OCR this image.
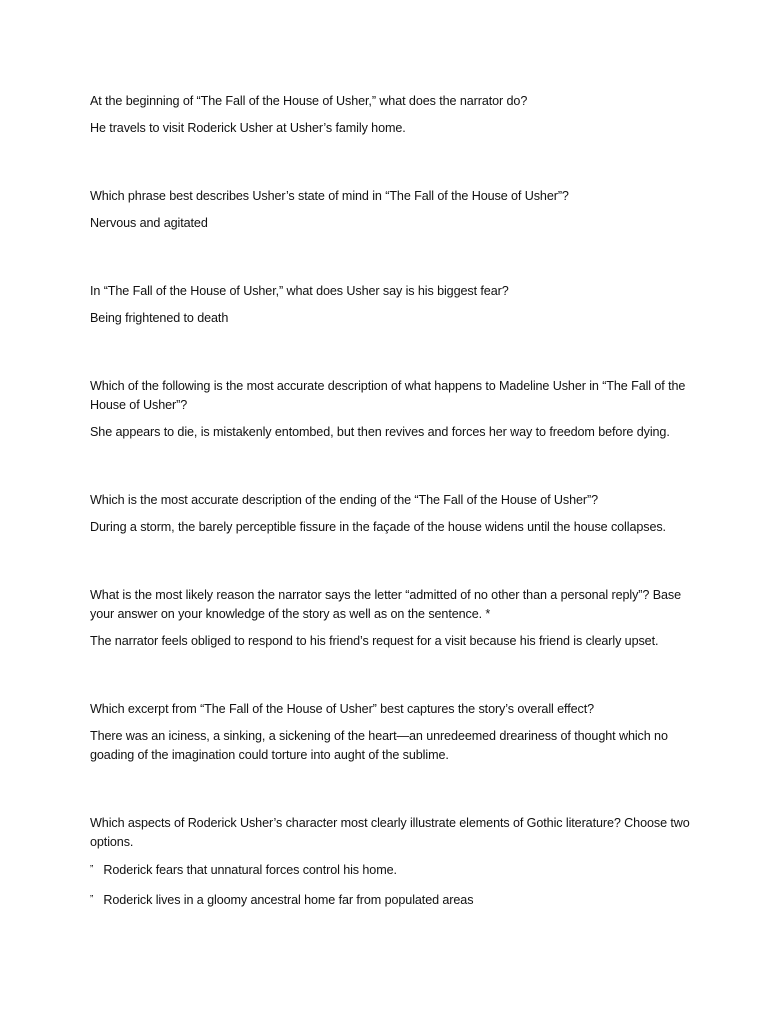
At the beginning of “The Fall of the House of Usher,” what does the narrator do?

He travels to visit Roderick Usher at Usher’s family home.

Which phrase best describes Usher’s state of mind in “The Fall of the House of Usher”?

Nervous and agitated

In “The Fall of the House of Usher,” what does Usher say is his biggest fear?

Being frightened to death

Which of the following is the most accurate description of what happens to Madeline Usher in “The Fall of the House of Usher”?

She appears to die, is mistakenly entombed, but then revives and forces her way to freedom before dying.

Which is the most accurate description of the ending of the “The Fall of the House of Usher”?

During a storm, the barely perceptible fissure in the façade of the house widens until the house collapses.

What is the most likely reason the narrator says the letter “admitted of no other than a personal reply”? Base your answer on your knowledge of the story as well as on the sentence. *

The narrator feels obliged to respond to his friend’s request for a visit because his friend is clearly upset.

Which excerpt from “The Fall of the House of Usher” best captures the story’s overall effect?

There was an iciness, a sinking, a sickening of the heart—an unredeemed dreariness of thought which no goading of the imagination could torture into aught of the sublime.

Which aspects of Roderick Usher’s character most clearly illustrate elements of Gothic literature? Choose two options.

” Roderick fears that unnatural forces control his home.

” Roderick lives in a gloomy ancestral home far from populated areas
